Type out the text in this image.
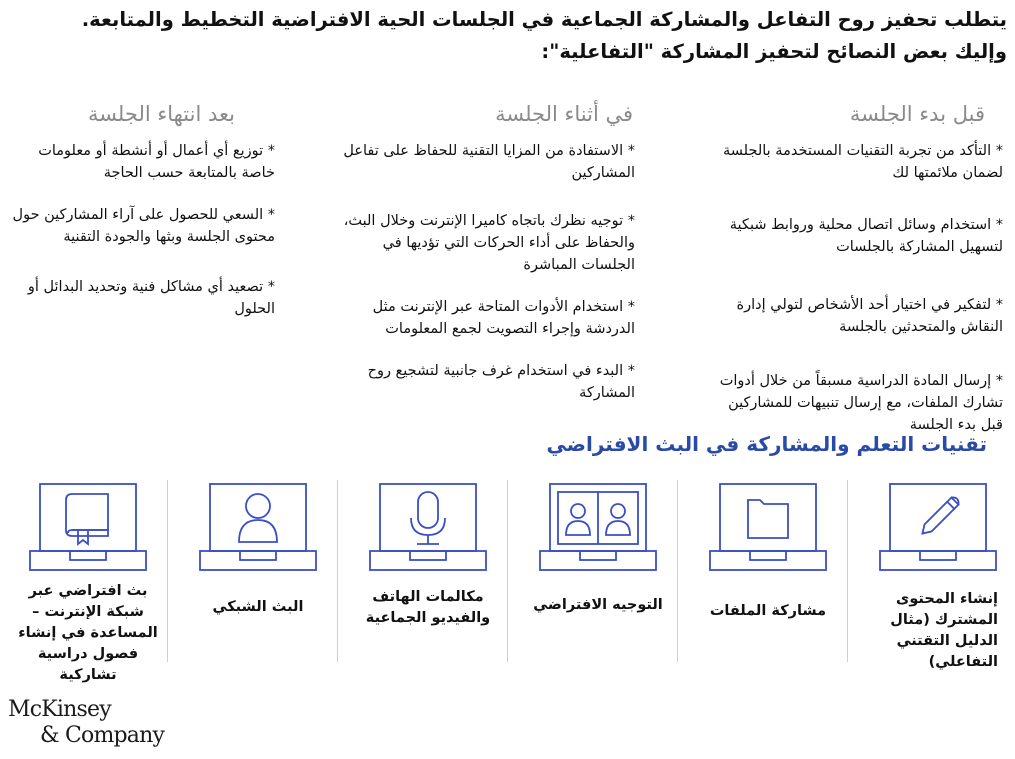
يتطلب تحفيز روح التفاعل والمشاركة الجماعية في الجلسات الحية الافتراضية التخطيط والمتابعة.
وإليك بعض النصائح لتحفيز المشاركة "التفاعلية":
قبل بدء الجلسة
* التأكد من تجربة التقنيات المستخدمة بالجلسة لضمان ملائمتها لك
* استخدام وسائل اتصال محلية وروابط شبكية لتسهيل المشاركة بالجلسات
* لتفكير في اختيار أحد الأشخاص لتولي إدارة النقاش والمتحدثين بالجلسة
* إرسال المادة الدراسية مسبقاً من خلال أدوات تشارك الملفات، مع إرسال تنبيهات للمشاركين قبل بدء الجلسة
في أثناء الجلسة
* الاستفادة من المزايا التقنية للحفاظ على تفاعل المشاركين
* توجيه نظرك باتجاه كاميرا الإنترنت وخلال البث، والحفاظ على أداء الحركات التي تؤديها في الجلسات المباشرة
* استخدام الأدوات المتاحة عبر الإنترنت مثل الدردشة وإجراء التصويت لجمع المعلومات
* البدء في استخدام غرف جانبية لتشجيع روح المشاركة
بعد انتهاء الجلسة
* توزيع أي أعمال أو أنشطة أو معلومات خاصة بالمتابعة حسب الحاجة
* السعي للحصول على آراء المشاركين حول محتوى الجلسة وبثها والجودة التقنية
* تصعيد أي مشاكل فنية وتحديد البدائل أو الحلول
تقنيات التعلم والمشاركة في البث الافتراضي
إنشاء المحتوى المشترك (مثال الدليل التقتني التفاعلي)
مشاركة الملفات
التوجيه الافتراضي
مكالمات الهاتف والفيديو الجماعية
البث الشبكي
بث افتراضي عبر شبكة الإنترنت – المساعدة في إنشاء فصول دراسية تشاركية
McKinsey
& Company
